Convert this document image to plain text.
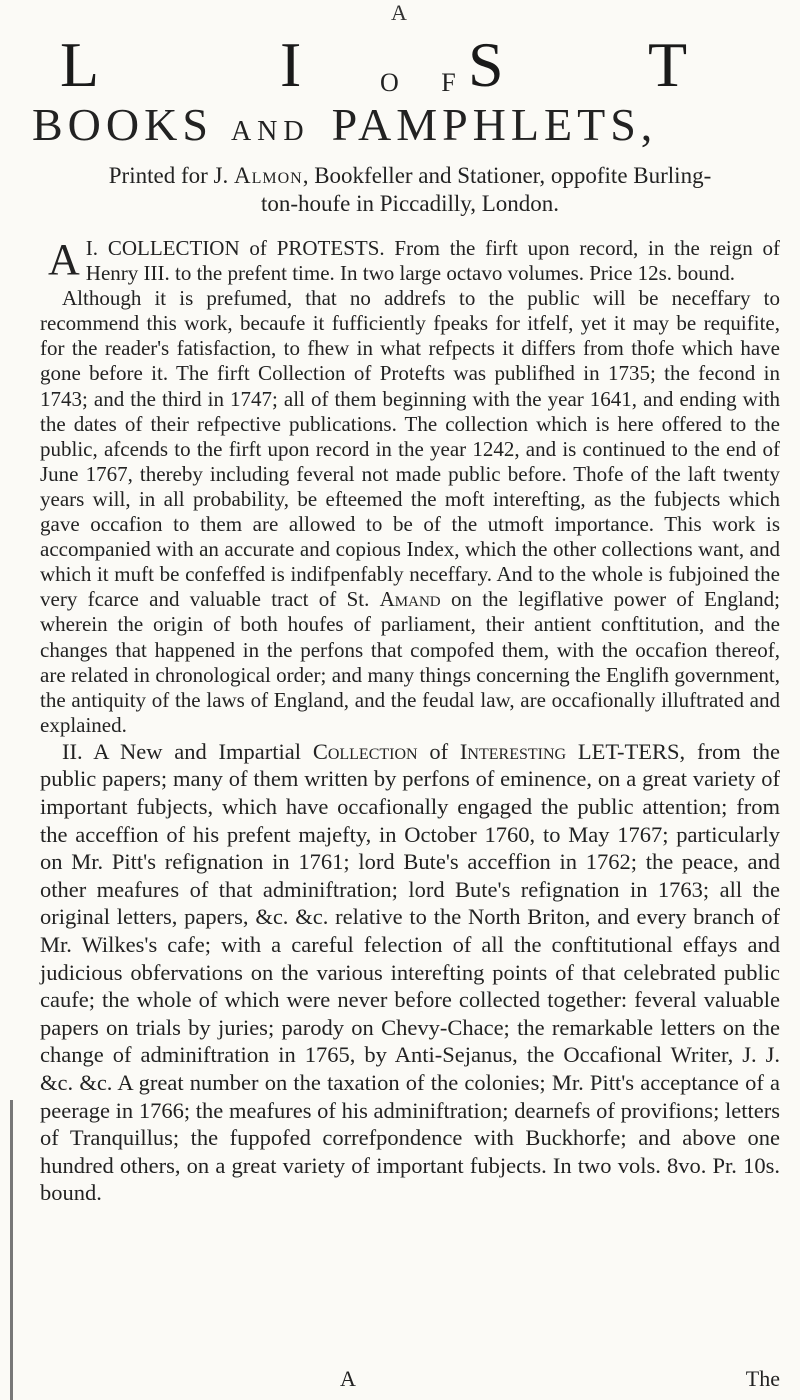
A
L	I	S T
O F
BOOKS AND PAMPHLETS,
Printed for J. Almon, Bookfeller and Stationer, oppofite Burling-
ton-houfe in Piccadilly, London.

I.
A COLLECTION of PROTESTS. From the firft upon record, in the reign of Henry III. to the prefent time. In two large octavo volumes. Price 12s. bound.

Although it is prefumed, that no addrefs to the public will be neceffary to recommend this work, becaufe it fufficiently fpeaks for itfelf, yet it may be requifite, for the reader's fatisfaction, to fhew in what refpects it differs from thofe which have gone before it. The firft Collection of Protefts was publifhed in 1735; the fecond in 1743; and the third in 1747; all of them beginning with the year 1641, and ending with the dates of their refpective publications. The collection which is here offered to the public, afcends to the firft upon record in the year 1242, and is continued to the end of June 1767, thereby including feveral not made public before. Thofe of the laft twenty years will, in all probability, be efteemed the moft interefting, as the fubjects which gave occafion to them are allowed to be of the utmoft importance. This work is accompanied with an accurate and copious Index, which the other collections want, and which it muft be confeffed is indifpenfably neceffary. And to the whole is fubjoined the very fcarce and valuable tract of St. Amand on the legiflative power of England; wherein the origin of both houfes of parliament, their antient conftitution, and the changes that happened in the perfons that compofed them, with the occafion thereof, are related in chronological order; and many things concerning the Englifh government, the antiquity of the laws of England, and the feudal law, are occafionally illuftrated and explained.

II. A New and Impartial Collection of Interesting LET-TERS, from the public papers; many of them written by perfons of eminence, on a great variety of important fubjects, which have occafionally engaged the public attention; from the acceffion of his prefent majefty, in October 1760, to May 1767; particularly on Mr. Pitt's refignation in 1761; lord Bute's acceffion in 1762; the peace, and other meafures of that adminiftration; lord Bute's refignation in 1763; all the original letters, papers, &c. &c. relative to the North Briton, and every branch of Mr. Wilkes's cafe; with a careful felection of all the conftitutional effays and judicious obfervations on the various interefting points of that celebrated public caufe; the whole of which were never before collected together: feveral valuable papers on trials by juries; parody on Chevy-Chace; the remarkable letters on the change of adminiftration in 1765, by Anti-Sejanus, the Occafional Writer, J. J. &c. &c. A great number on the taxation of the colonies; Mr. Pitt's acceptance of a peerage in 1766; the meafures of his adminiftration; dearnefs of provifions; letters of Tranquillus; the fuppofed correfpondence with Buckhorfe; and above one hundred others, on a great variety of important fubjects. In two vols. 8vo. Pr. 10s. bound.

A	The
